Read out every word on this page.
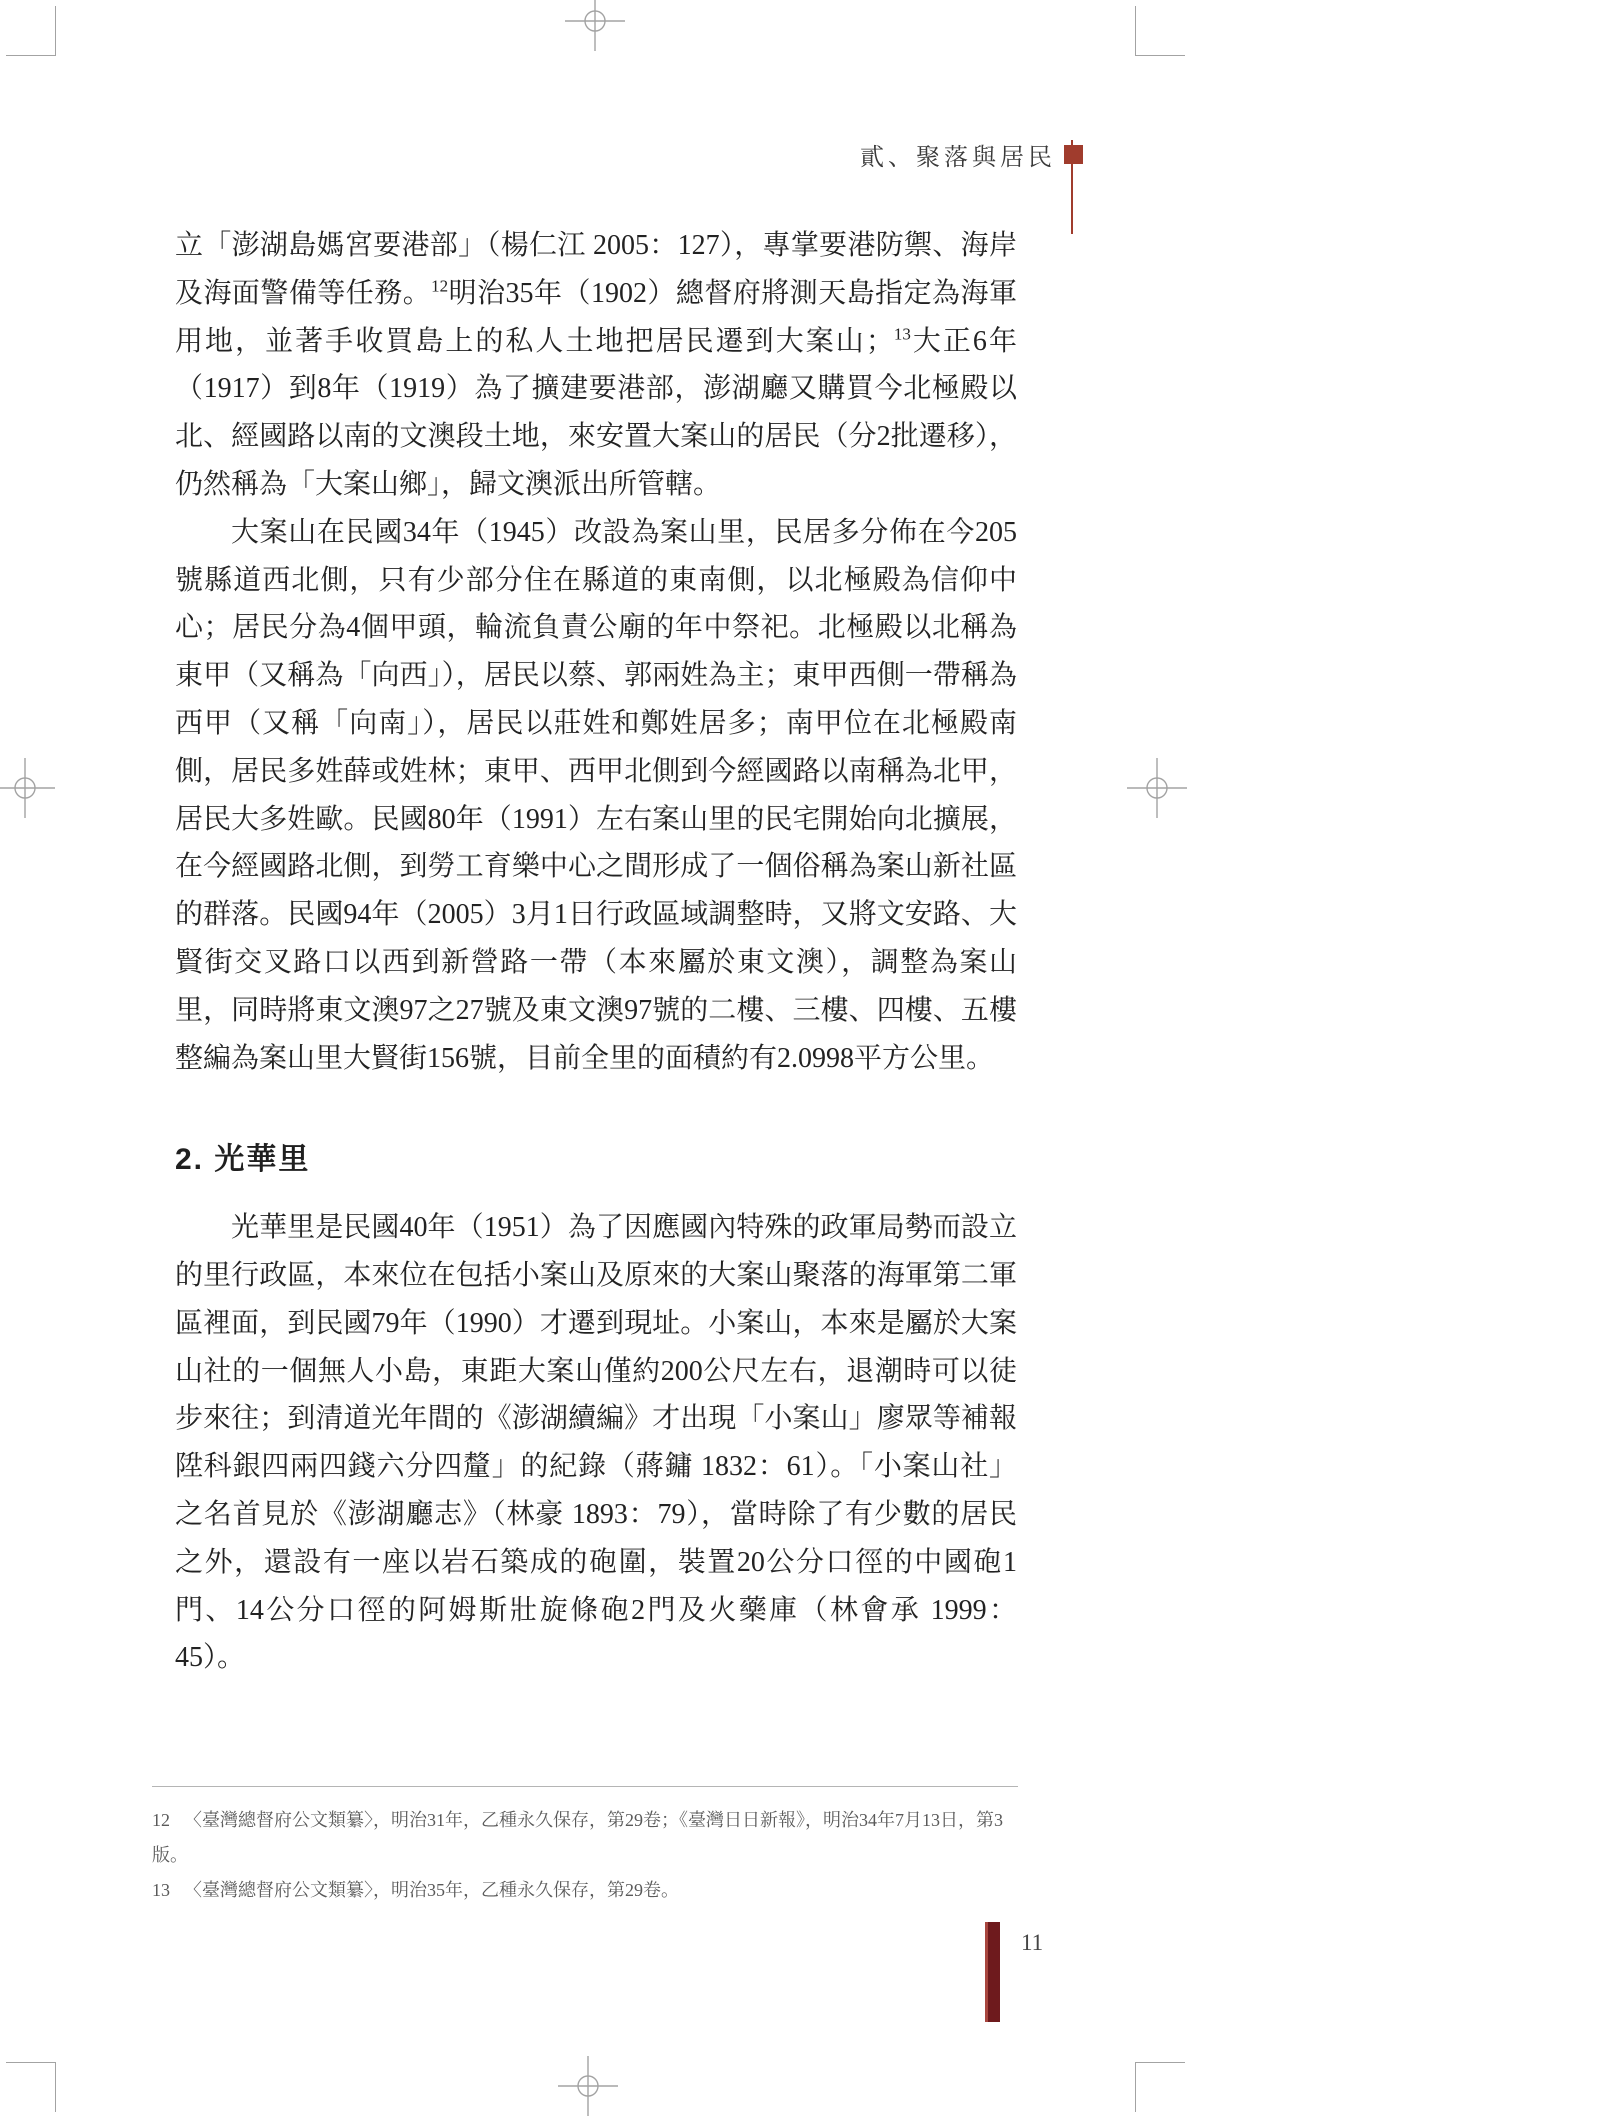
貳、聚落與居民

立「澎湖島媽宮要港部」（楊仁江 2005：127），專掌要港防禦、海岸及海面警備等任務。$^{12}$明治35年（1902）總督府將測天島指定為海軍用地，並著手收買島上的私人土地把居民遷到大案山；$^{13}$大正6年（1917）到8年（1919）為了擴建要港部，澎湖廳又購買今北極殿以北、經國路以南的文澳段土地，來安置大案山的居民（分2批遷移），仍然稱為「大案山鄉」，歸文澳派出所管轄。

大案山在民國34年（1945）改設為案山里，民居多分佈在今205號縣道西北側，只有少部分住在縣道的東南側，以北極殿為信仰中心；居民分為4個甲頭，輪流負責公廟的年中祭祀。北極殿以北稱為東甲（又稱為「向西」），居民以蔡、郭兩姓為主；東甲西側一帶稱為西甲（又稱「向南」），居民以莊姓和鄭姓居多；南甲位在北極殿南側，居民多姓薛或姓林；東甲、西甲北側到今經國路以南稱為北甲，居民大多姓歐。民國80年（1991）左右案山里的民宅開始向北擴展，在今經國路北側，到勞工育樂中心之間形成了一個俗稱為案山新社區的群落。民國94年（2005）3月1日行政區域調整時，又將文安路、大賢街交叉路口以西到新營路一帶（本來屬於東文澳），調整為案山里，同時將東文澳97之27號及東文澳97號的二樓、三樓、四樓、五樓整編為案山里大賢街156號，目前全里的面積約有2.0998平方公里。

2. 光華里

光華里是民國40年（1951）為了因應國內特殊的政軍局勢而設立的里行政區，本來位在包括小案山及原來的大案山聚落的海軍第二軍區裡面，到民國79年（1990）才遷到現址。小案山，本來是屬於大案山社的一個無人小島，東距大案山僅約200公尺左右，退潮時可以徒步來往；到清道光年間的《澎湖續編》才出現「小案山」廖眾等補報陞科銀四兩四錢六分四釐」的紀錄（蔣鏞 1832：61）。「小案山社」之名首見於《澎湖廳志》（林豪 1893：79），當時除了有少數的居民之外，還設有一座以岩石築成的砲圍，裝置20公分口徑的中國砲1門、14公分口徑的阿姆斯壯旋條砲2門及火藥庫（林會承 1999：45）。

12 〈臺灣總督府公文類纂〉，明治31年，乙種永久保存，第29卷；《臺灣日日新報》，明治34年7月13日，第3版。
13 〈臺灣總督府公文類纂〉，明治35年，乙種永久保存，第29卷。
11
